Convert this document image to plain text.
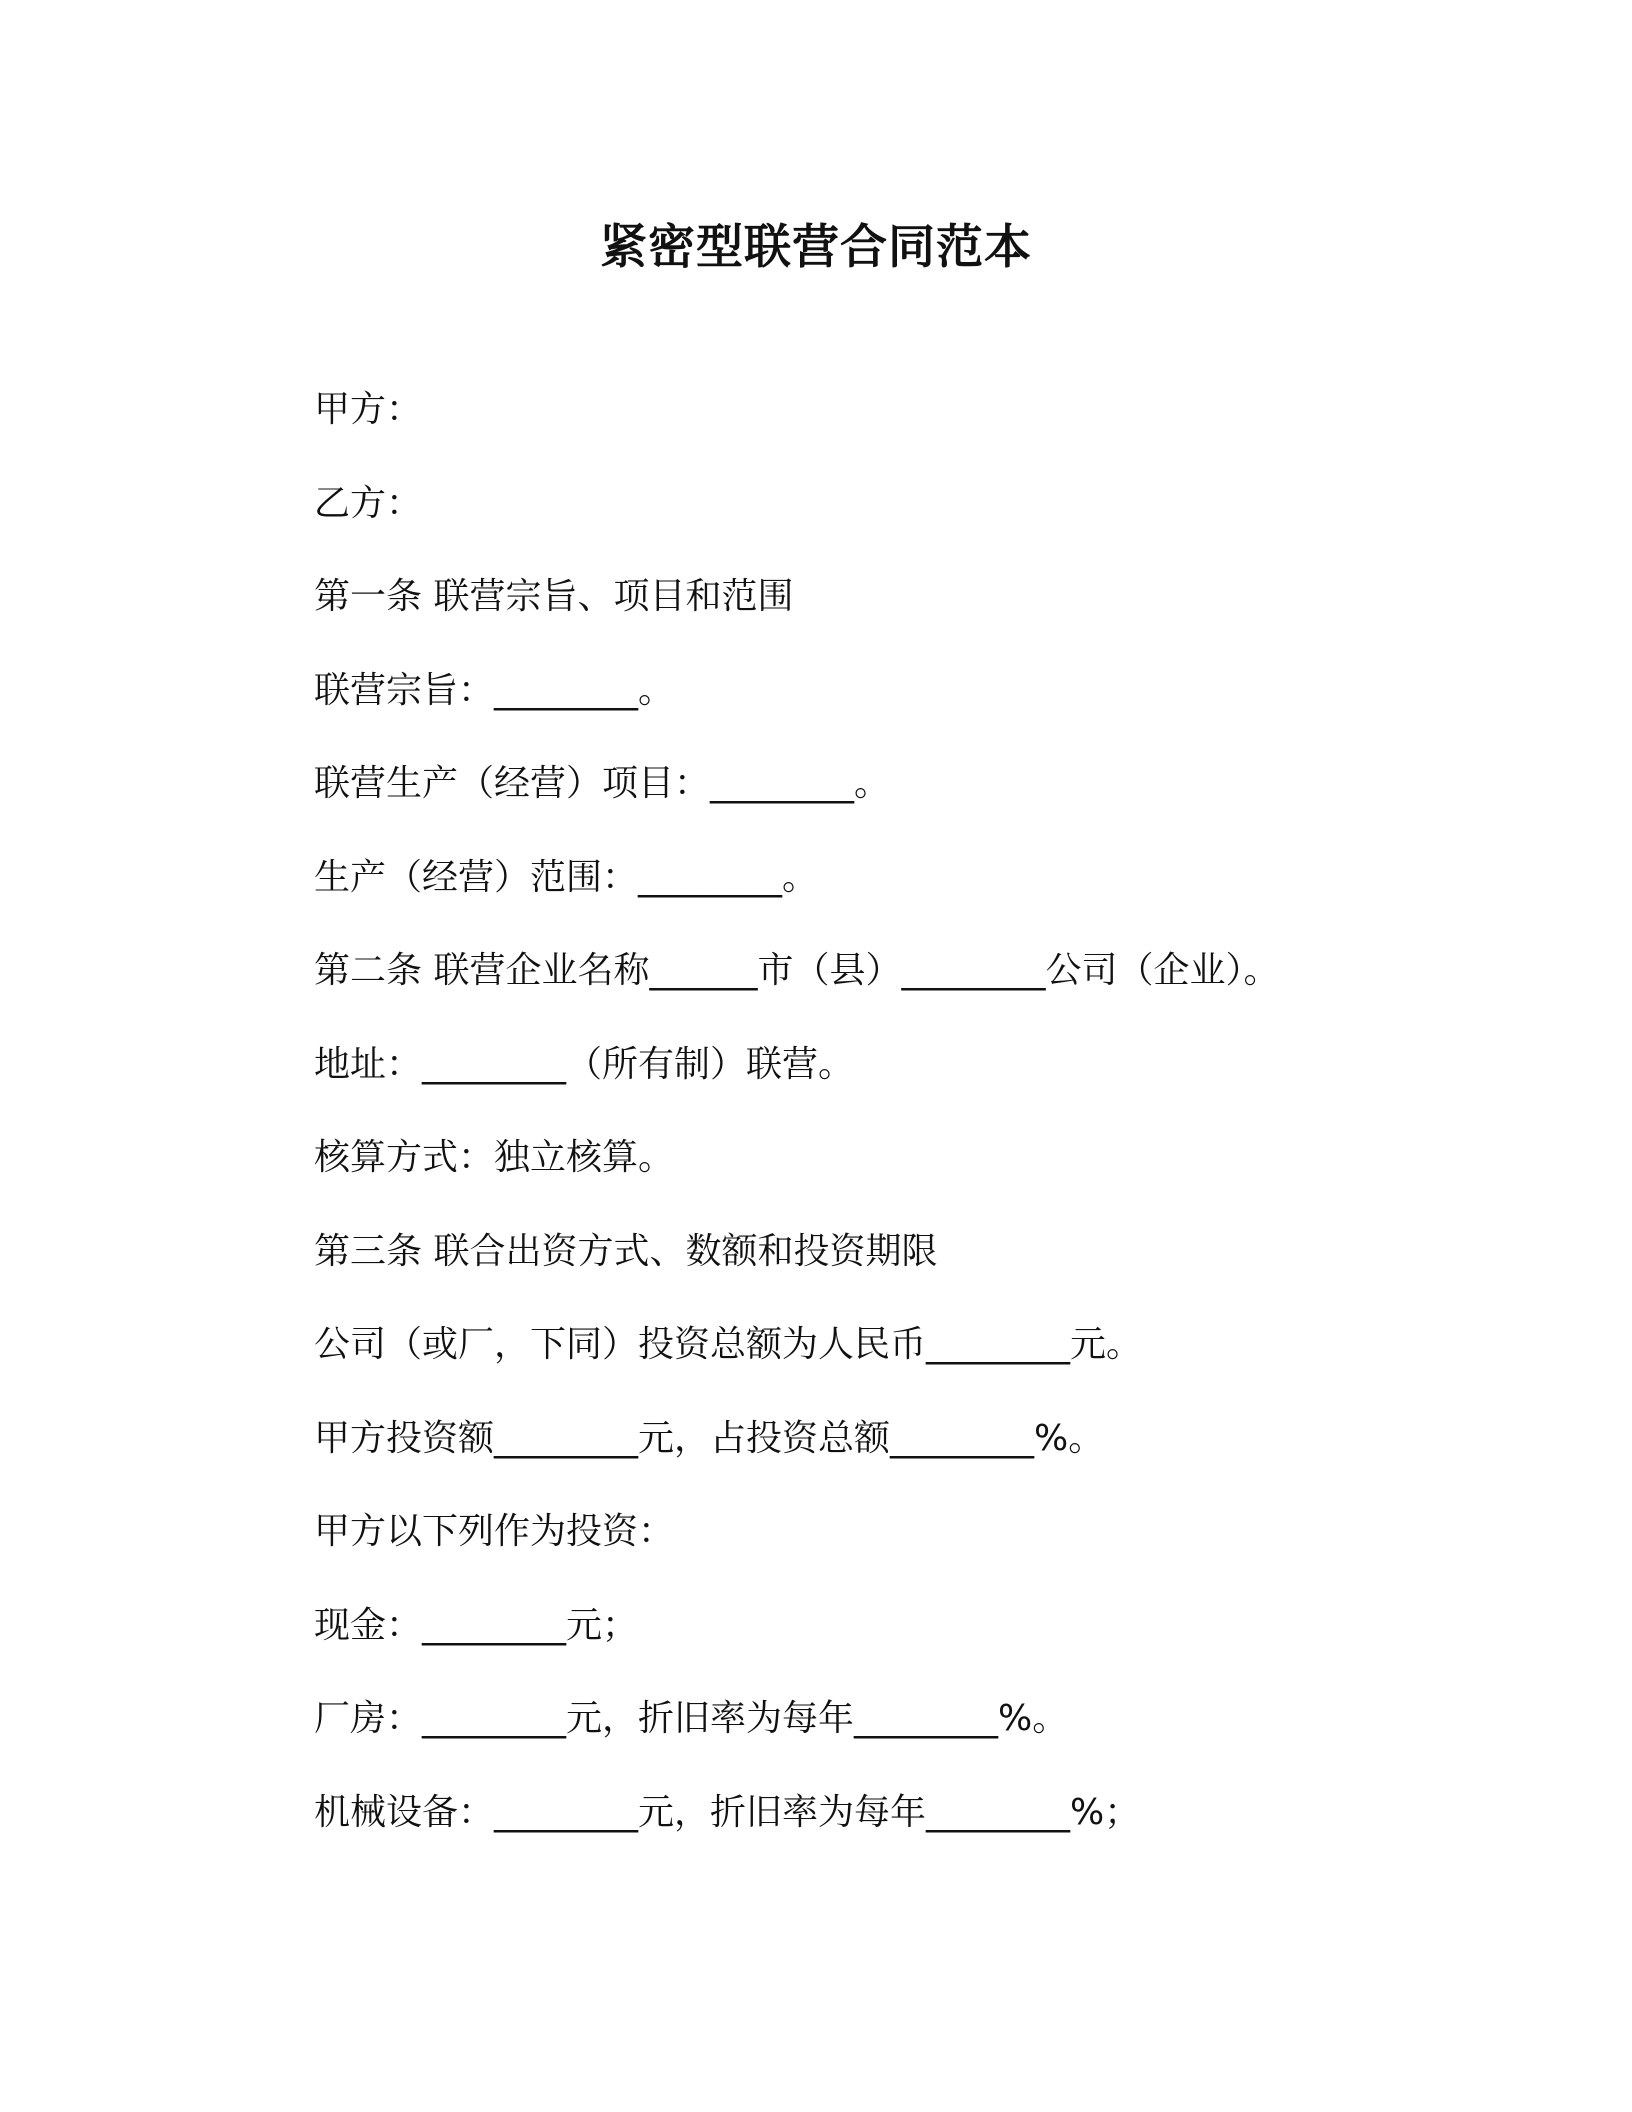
紧密型联营合同范本
甲方：
乙方：
第一条 联营宗旨、项目和范围
联营宗旨：________。
联营生产（经营）项目：________。
生产（经营）范围：________。
第二条 联营企业名称______市（县）________公司（企业）。
地址：________（所有制）联营。
核算方式：独立核算。
第三条 联合出资方式、数额和投资期限
公司（或厂，下同）投资总额为人民币________元。
甲方投资额________元，占投资总额________%。
甲方以下列作为投资：
现金：________元；
厂房：________元，折旧率为每年________%。
机械设备：________元，折旧率为每年________%；
